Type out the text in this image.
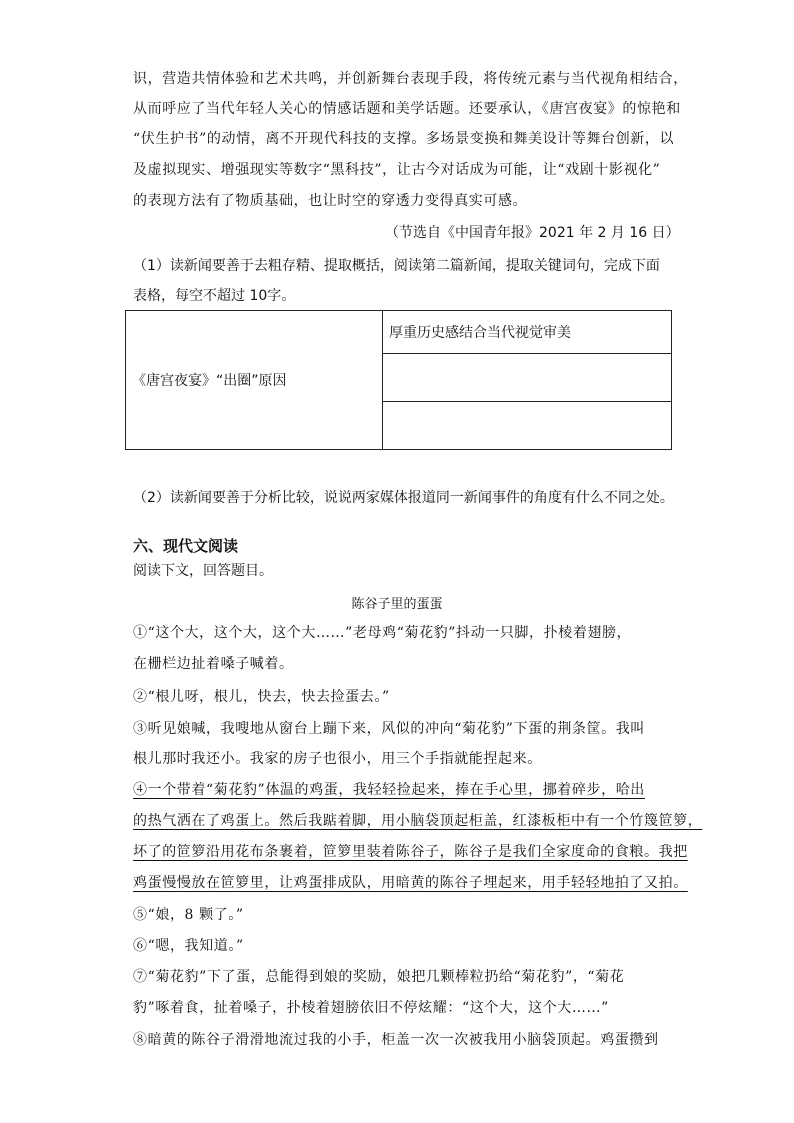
识，营造共情体验和艺术共鸣，并创新舞台表现手段，将传统元素与当代视角相结合，
从而呼应了当代年轻人关心的情感话题和美学话题。还要承认，《唐宫夜宴》的惊艳和
“伏生护书”的动情，离不开现代科技的支撑。多场景变换和舞美设计等舞台创新，以
及虚拟现实、增强现实等数字“黑科技”，让古今对话成为可能，让“戏剧十影视化”
的表现方法有了物质基础，也让时空的穿透力变得真实可感。
（节选自《中国青年报》2021 年 2 月 16 日）
（1）读新闻要善于去粗存精、提取概括，阅读第二篇新闻，提取关键词句，完成下面
表格，每空不超过 10字。
《唐宫夜宴》“出圈”原因	厚重历史感结合当代视觉审美

（2）读新闻要善于分析比较，说说两家媒体报道同一新闻事件的角度有什么不同之处。
六、现代文阅读
阅读下文，回答题目。
陈谷子里的蛋蛋
①“这个大，这个大，这个大……”老母鸡“菊花豹”抖动一只脚，扑棱着翅膀，
在栅栏边扯着嗓子喊着。
②“根儿呀，根儿，快去，快去捡蛋去。”
③听见娘喊，我嗖地从窗台上蹦下来，风似的冲向“菊花豹”下蛋的荆条筐。我叫
根儿那时我还小。我家的房子也很小，用三个手指就能捏起来。
④一个带着“菊花豹”体温的鸡蛋，我轻轻捡起来，捧在手心里，挪着碎步，哈出
的热气洒在了鸡蛋上。然后我踮着脚，用小脑袋顶起柜盖，红漆板柜中有一个竹篾笸箩，
坏了的笸箩沿用花布条裹着，笸箩里装着陈谷子，陈谷子是我们全家度命的食粮。我把
鸡蛋慢慢放在笸箩里，让鸡蛋排成队，用暗黄的陈谷子埋起来，用手轻轻地拍了又拍。
⑤“娘，8 颗了。”
⑥“嗯，我知道。”
⑦“菊花豹”下了蛋，总能得到娘的奖励，娘把几颗棒粒扔给“菊花豹”，“菊花
豹”啄着食，扯着嗓子，扑棱着翅膀依旧不停炫耀：“这个大，这个大……”
⑧暗黄的陈谷子滑滑地流过我的小手，柜盖一次一次被我用小脑袋顶起。鸡蛋攒到
